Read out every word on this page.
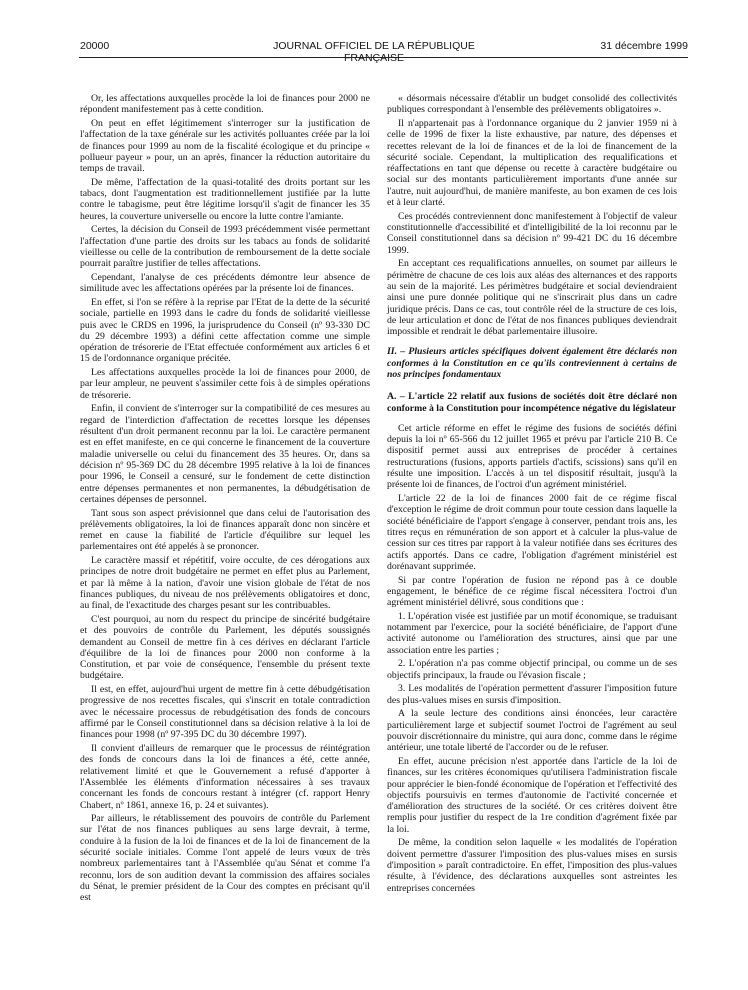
20000	JOURNAL OFFICIEL DE LA RÉPUBLIQUE FRANÇAISE
31 décembre 1999

Or, les affectations auxquelles procède la loi de finances pour 2000 ne répondent manifestement pas à cette condition.

On peut en effet légitimement s'interroger sur la justification de l'affectation de la taxe générale sur les activités polluantes créée par la loi de finances pour 1999 au nom de la fiscalité écologique et du principe « pollueur payeur » pour, un an après, financer la réduction autoritaire du temps de travail.

De même, l'affectation de la quasi-totalité des droits portant sur les tabacs, dont l'augmentation est traditionnellement justifiée par la lutte contre le tabagisme, peut être légitime lorsqu'il s'agit de financer les 35 heures, la couverture universelle ou encore la lutte contre l'amiante.

Certes, la décision du Conseil de 1993 précédemment visée permettant l'affectation d'une partie des droits sur les tabacs au fonds de solidarité vieillesse ou celle de la contribution de remboursement de la dette sociale pourrait paraître justifier de telles affectations.

Cependant, l'analyse de ces précédents démontre leur absence de similitude avec les affectations opérées par la présente loi de finances.

En effet, si l'on se réfère à la reprise par l'Etat de la dette de la sécurité sociale, partielle en 1993 dans le cadre du fonds de solidarité vieillesse puis avec le CRDS en 1996, la jurisprudence du Conseil (nº 93-330 DC du 29 décembre 1993) a défini cette affectation comme une simple opération de trésorerie de l'Etat effectuée conformément aux articles 6 et 15 de l'ordonnance organique précitée.

Les affectations auxquelles procède la loi de finances pour 2000, de par leur ampleur, ne peuvent s'assimiler cette fois à de simples opérations de trésorerie.

Enfin, il convient de s'interroger sur la compatibilité de ces mesures au regard de l'interdiction d'affectation de recettes lorsque les dépenses résultent d'un droit permanent reconnu par la loi. Le caractère permanent est en effet manifeste, en ce qui concerne le financement de la couverture maladie universelle ou celui du financement des 35 heures. Or, dans sa décision nº 95-369 DC du 28 décembre 1995 relative à la loi de finances pour 1996, le Conseil a censuré, sur le fondement de cette distinction entre dépenses permanentes et non permanentes, la débudgétisation de certaines dépenses de personnel.

Tant sous son aspect prévisionnel que dans celui de l'autorisation des prélèvements obligatoires, la loi de finances apparaît donc non sincère et remet en cause la fiabilité de l'article d'équilibre sur lequel les parlementaires ont été appelés à se prononcer.

Le caractère massif et répétitif, voire occulte, de ces dérogations aux principes de notre droit budgétaire ne permet en effet plus au Parlement, et par là même à la nation, d'avoir une vision globale de l'état de nos finances publiques, du niveau de nos prélèvements obligatoires et donc, au final, de l'exactitude des charges pesant sur les contribuables.

C'est pourquoi, au nom du respect du principe de sincérité budgétaire et des pouvoirs de contrôle du Parlement, les députés soussignés demandent au Conseil de mettre fin à ces dérives en déclarant l'article d'équilibre de la loi de finances pour 2000 non conforme à la Constitution, et par voie de conséquence, l'ensemble du présent texte budgétaire.

Il est, en effet, aujourd'hui urgent de mettre fin à cette débudgétisation progressive de nos recettes fiscales, qui s'inscrit en totale contradiction avec le nécessaire processus de rebudgétisation des fonds de concours affirmé par le Conseil constitutionnel dans sa décision relative à la loi de finances pour 1998 (nº 97-395 DC du 30 décembre 1997).

Il convient d'ailleurs de remarquer que le processus de réintégration des fonds de concours dans la loi de finances a été, cette année, relativement limité et que le Gouvernement a refusé d'apporter à l'Assemblée les éléments d'information nécessaires à ses travaux concernant les fonds de concours restant à intégrer (cf. rapport Henry Chabert, nº 1861, annexe 16, p. 24 et suivantes).

Par ailleurs, le rétablissement des pouvoirs de contrôle du Parlement sur l'état de nos finances publiques au sens large devrait, à terme, conduire à la fusion de la loi de finances et de la loi de financement de la sécurité sociale initiales. Comme l'ont appelé de leurs vœux de très nombreux parlementaires tant à l'Assemblée qu'au Sénat et comme l'a reconnu, lors de son audition devant la commission des affaires sociales du Sénat, le premier président de la Cour des comptes en précisant qu'il est

« désormais nécessaire d'établir un budget consolidé des collectivités publiques correspondant à l'ensemble des prélèvements obligatoires ».

Il n'appartenait pas à l'ordonnance organique du 2 janvier 1959 ni à celle de 1996 de fixer la liste exhaustive, par nature, des dépenses et recettes relevant de la loi de finances et de la loi de financement de la sécurité sociale. Cependant, la multiplication des requalifications et réaffectations en tant que dépense ou recette à caractère budgétaire ou social sur des montants particulièrement importants d'une année sur l'autre, nuit aujourd'hui, de manière manifeste, au bon examen de ces lois et à leur clarté.

Ces procédés contreviennent donc manifestement à l'objectif de valeur constitutionnelle d'accessibilité et d'intelligibilité de la loi reconnu par le Conseil constitutionnel dans sa décision nº 99-421 DC du 16 décembre 1999.

En acceptant ces requalifications annuelles, on soumet par ailleurs le périmètre de chacune de ces lois aux aléas des alternances et des rapports au sein de la majorité. Les périmètres budgétaire et social deviendraient ainsi une pure donnée politique qui ne s'inscrirait plus dans un cadre juridique précis. Dans ce cas, tout contrôle réel de la structure de ces lois, de leur articulation et donc de l'état de nos finances publiques deviendrait impossible et rendrait le débat parlementaire illusoire.

II. – Plusieurs articles spécifiques doivent également être déclarés non conformes à la Constitution en ce qu'ils contreviennent à certains de nos principes fondamentaux

A. – L'article 22 relatif aux fusions de sociétés doit être déclaré non conforme à la Constitution pour incompétence négative du législateur

Cet article réforme en effet le régime des fusions de sociétés défini depuis la loi nº 65-566 du 12 juillet 1965 et prévu par l'article 210 B. Ce dispositif permet aussi aux entreprises de procéder à certaines restructurations (fusions, apports partiels d'actifs, scissions) sans qu'il en résulte une imposition. L'accès à un tel dispositif résultait, jusqu'à la présente loi de finances, de l'octroi d'un agrément ministériel.

L'article 22 de la loi de finances 2000 fait de ce régime fiscal d'exception le régime de droit commun pour toute cession dans laquelle la société bénéficiaire de l'apport s'engage à conserver, pendant trois ans, les titres reçus en rémunération de son apport et à calculer la plus-value de cession sur ces titres par rapport à la valeur notifiée dans ses écritures des actifs apportés. Dans ce cadre, l'obligation d'agrément ministériel est dorénavant supprimée.

Si par contre l'opération de fusion ne répond pas à ce double engagement, le bénéfice de ce régime fiscal nécessitera l'octroi d'un agrément ministériel délivré, sous conditions que :

1. L'opération visée est justifiée par un motif économique, se traduisant notamment par l'exercice, pour la société bénéficiaire, de l'apport d'une activité autonome ou l'amélioration des structures, ainsi que par une association entre les parties ;

2. L'opération n'a pas comme objectif principal, ou comme un de ses objectifs principaux, la fraude ou l'évasion fiscale ;

3. Les modalités de l'opération permettent d'assurer l'imposition future des plus-values mises en sursis d'imposition.

A la seule lecture des conditions ainsi énoncées, leur caractère particulièrement large et subjectif soumet l'octroi de l'agrément au seul pouvoir discrétionnaire du ministre, qui aura donc, comme dans le régime antérieur, une totale liberté de l'accorder ou de le refuser.

En effet, aucune précision n'est apportée dans l'article de la loi de finances, sur les critères économiques qu'utilisera l'administration fiscale pour apprécier le bien-fondé économique de l'opération et l'effectivité des objectifs poursuivis en termes d'autonomie de l'activité concernée et d'amélioration des structures de la société. Or ces critères doivent être remplis pour justifier du respect de la 1re condition d'agrément fixée par la loi.

De même, la condition selon laquelle « les modalités de l'opération doivent permettre d'assurer l'imposition des plus-values mises en sursis d'imposition » paraît contradictoire. En effet, l'imposition des plus-values résulte, à l'évidence, des déclarations auxquelles sont astreintes les entreprises concernées
